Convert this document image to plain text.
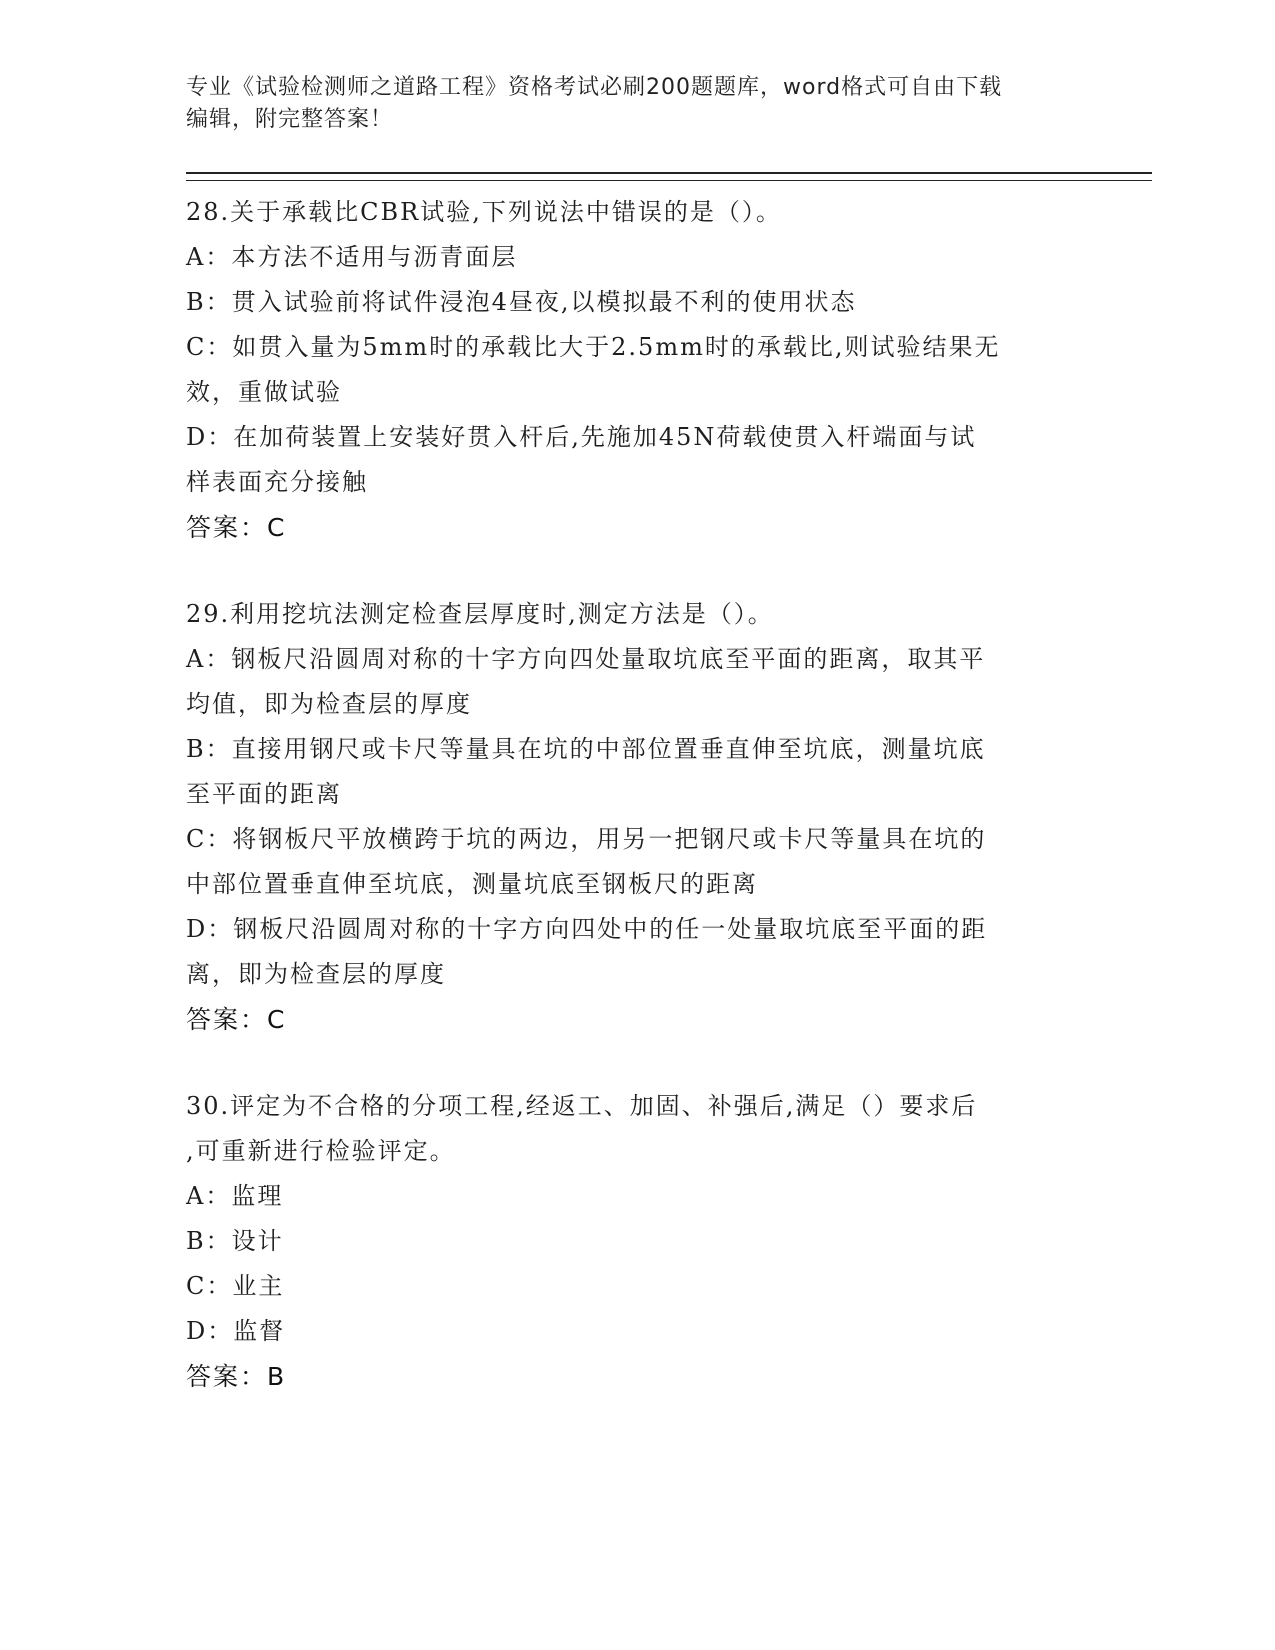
专业《试验检测师之道路工程》资格考试必刷200题题库，word格式可自由下载
编辑，附完整答案！
28.关于承载比CBR试验,下列说法中错误的是（）。
A：本方法不适用与沥青面层
B：贯入试验前将试件浸泡4昼夜,以模拟最不利的使用状态
C：如贯入量为5mm时的承载比大于2.5mm时的承载比,则试验结果无
效，重做试验
D：在加荷装置上安装好贯入杆后,先施加45N荷载使贯入杆端面与试
样表面充分接触
答案：C
29.利用挖坑法测定检查层厚度时,测定方法是（）。
A：钢板尺沿圆周对称的十字方向四处量取坑底至平面的距离，取其平
均值，即为检查层的厚度
B：直接用钢尺或卡尺等量具在坑的中部位置垂直伸至坑底，测量坑底
至平面的距离
C：将钢板尺平放横跨于坑的两边，用另一把钢尺或卡尺等量具在坑的
中部位置垂直伸至坑底，测量坑底至钢板尺的距离
D：钢板尺沿圆周对称的十字方向四处中的任一处量取坑底至平面的距
离，即为检查层的厚度
答案：C
30.评定为不合格的分项工程,经返工、加固、补强后,满足（）要求后
,可重新进行检验评定。
A：监理
B：设计
C：业主
D：监督
答案：B
